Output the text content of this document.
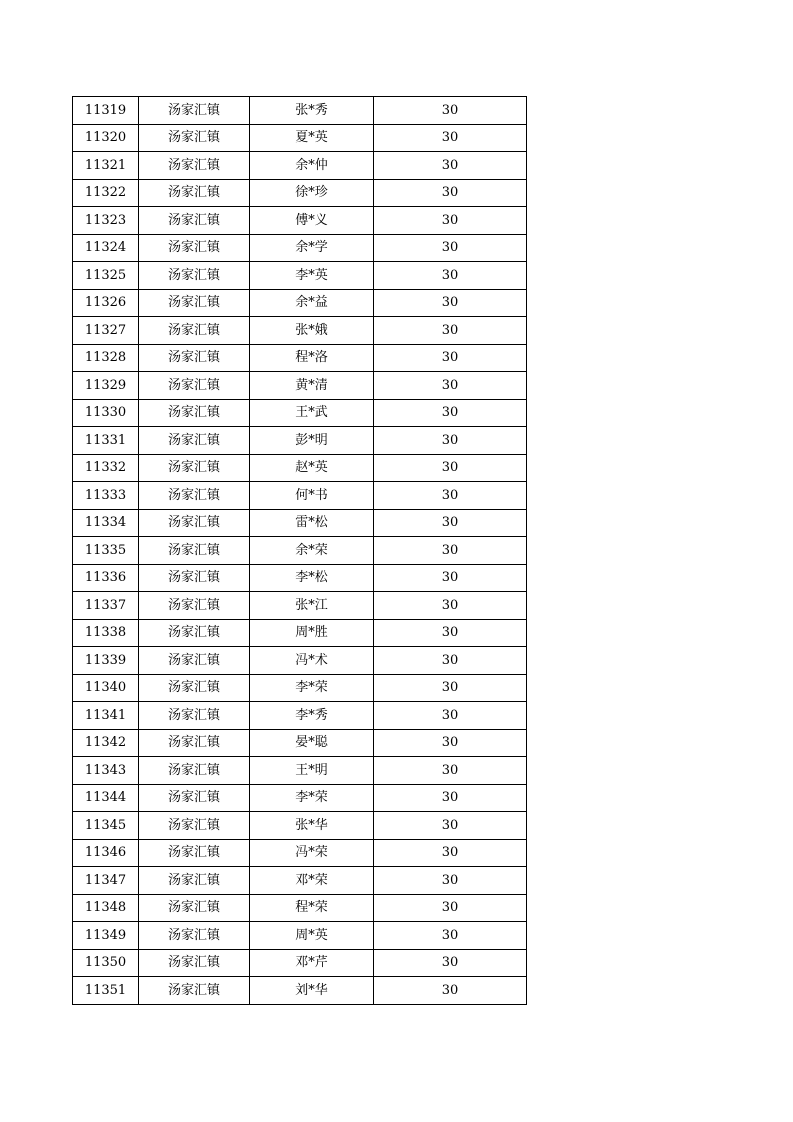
11319	汤家汇镇	张*秀	30
11320	汤家汇镇	夏*英	30
11321	汤家汇镇	余*仲	30
11322	汤家汇镇	徐*珍	30
11323	汤家汇镇	傅*义	30
11324	汤家汇镇	余*学	30
11325	汤家汇镇	李*英	30
11326	汤家汇镇	余*益	30
11327	汤家汇镇	张*娥	30
11328	汤家汇镇	程*洛	30
11329	汤家汇镇	黄*清	30
11330	汤家汇镇	王*武	30
11331	汤家汇镇	彭*明	30
11332	汤家汇镇	赵*英	30
11333	汤家汇镇	何*书	30
11334	汤家汇镇	雷*松	30
11335	汤家汇镇	余*荣	30
11336	汤家汇镇	李*松	30
11337	汤家汇镇	张*江	30
11338	汤家汇镇	周*胜	30
11339	汤家汇镇	冯*术	30
11340	汤家汇镇	李*荣	30
11341	汤家汇镇	李*秀	30
11342	汤家汇镇	晏*聪	30
11343	汤家汇镇	王*明	30
11344	汤家汇镇	李*荣	30
11345	汤家汇镇	张*华	30
11346	汤家汇镇	冯*荣	30
11347	汤家汇镇	邓*荣	30
11348	汤家汇镇	程*荣	30
11349	汤家汇镇	周*英	30
11350	汤家汇镇	邓*芹	30
11351	汤家汇镇	刘*华	30
